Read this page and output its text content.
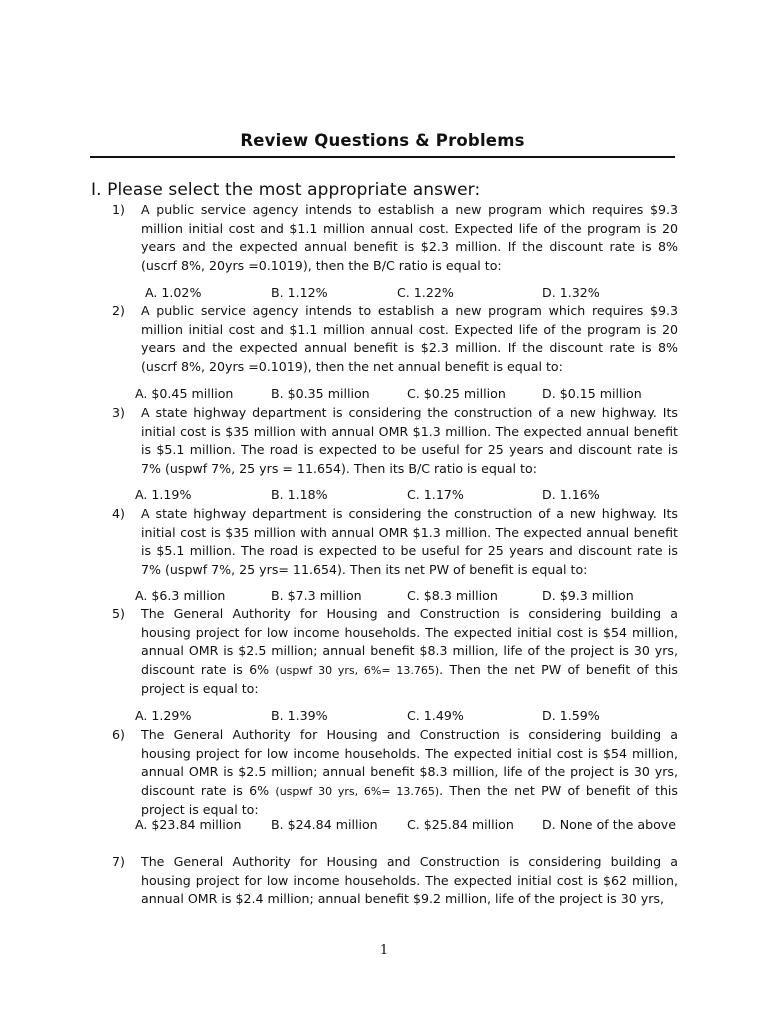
Review Questions & Problems
I. Please select the most appropriate answer:
1) A public service agency intends to establish a new program which requires $9.3 million initial cost and $1.1 million annual cost. Expected life of the program is 20 years and the expected annual benefit is $2.3 million. If the discount rate is 8% (uscrf 8%, 20yrs =0.1019), then the B/C ratio is equal to:
A. 1.02%	B. 1.12%	C. 1.22%	D. 1.32%
2) A public service agency intends to establish a new program which requires $9.3 million initial cost and $1.1 million annual cost. Expected life of the program is 20 years and the expected annual benefit is $2.3 million. If the discount rate is 8% (uscrf 8%, 20yrs =0.1019), then the net annual benefit is equal to:
A. $0.45 million	B. $0.35 million	C. $0.25 million	D. $0.15 million
3) A state highway department is considering the construction of a new highway. Its initial cost is $35 million with annual OMR $1.3 million. The expected annual benefit is $5.1 million. The road is expected to be useful for 25 years and discount rate is 7% (uspwf 7%, 25 yrs = 11.654). Then its B/C ratio is equal to:
A. 1.19%	B. 1.18%	C. 1.17%	D. 1.16%
4) A state highway department is considering the construction of a new highway. Its initial cost is $35 million with annual OMR $1.3 million. The expected annual benefit is $5.1 million. The road is expected to be useful for 25 years and discount rate is 7% (uspwf 7%, 25 yrs= 11.654). Then its net PW of benefit is equal to:
A. $6.3 million	B. $7.3 million	C. $8.3 million	D. $9.3 million
5) The General Authority for Housing and Construction is considering building a housing project for low income households. The expected initial cost is $54 million, annual OMR is $2.5 million; annual benefit $8.3 million, life of the project is 30 yrs, discount rate is 6% (uspwf 30 yrs, 6%= 13.765). Then the net PW of benefit of this project is equal to:
A. 1.29%	B. 1.39%	C. 1.49%	D. 1.59%
6) The General Authority for Housing and Construction is considering building a housing project for low income households. The expected initial cost is $54 million, annual OMR is $2.5 million; annual benefit $8.3 million, life of the project is 30 yrs, discount rate is 6% (uspwf 30 yrs, 6%= 13.765). Then the net PW of benefit of this project is equal to:
A. $23.84 million B. $24.84 million C. $25.84 million D. None of the above
7) The General Authority for Housing and Construction is considering building a housing project for low income households. The expected initial cost is $62 million, annual OMR is $2.4 million; annual benefit $9.2 million, life of the project is 30 yrs,
1
